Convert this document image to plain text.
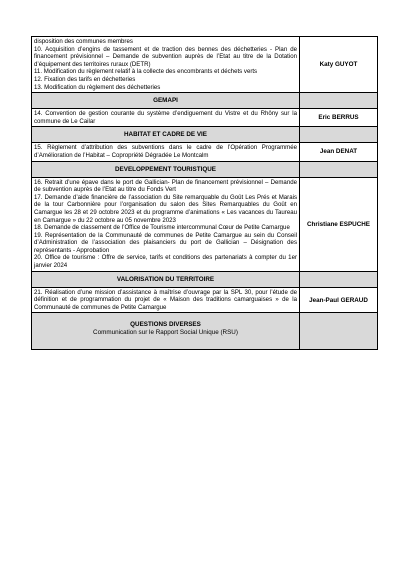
disposition des communes membres
10. Acquisition d’engins de tassement et de traction des bennes des déchetteries - Plan de financement prévisionnel – Demande de subvention auprès de l’Etat au titre de la Dotation d’équipement des territoires ruraux (DETR)
11. Modification du règlement relatif à la collecte des encombrants et déchets verts
12. Fixation des tarifs en déchetteries
13. Modification du règlement des déchetteries	Katy GUYOT
GEMAPI	

14. Convention de gestion courante du système d’endiguement du Vistre et du Rhôny sur la commune de Le Cailar	Eric BERRUS
HABITAT ET CADRE DE VIE	

15. Règlement d’attribution des subventions dans le cadre de l’Opération Programmée d’Amélioration de l’Habitat – Copropriété Dégradée Le Montcalm	Jean DENAT
DEVELOPPEMENT TOURISTIQUE	

16. Retrait d’une épave dans le port de Gallician- Plan de financement prévisionnel – Demande de subvention auprès de l’Etat au titre du Fonds Vert
17. Demande d’aide financière de l’association du Site remarquable du Goût Les Prés et Marais de la tour Carbonnière pour l’organisation du salon des Sites Remarquables du Goût en Camargue les 28 et 29 octobre 2023 et du programme d’animations « Les vacances du Taureau en Camargue » du 22 octobre au 05 novembre 2023
18. Demande de classement de l’Office de Tourisme intercommunal Cœur de Petite Camargue
19. Représentation de la Communauté de communes de Petite Camargue au sein du Conseil d’Administration de l’association des plaisanciers du port de Gallician – Désignation des représentants - Approbation
20. Office de tourisme : Offre de service, tarifs et conditions des partenariats à compter du 1er janvier 2024	Christiane ESPUCHE
VALORISATION DU TERRITOIRE	

21. Réalisation d’une mission d’assistance à maîtrise d’ouvrage par la SPL 30, pour l’étude de définition et de programmation du projet de « Maison des traditions camarguaises » de la Communauté de communes de Petite Camargue	Jean-Paul GERAUD

QUESTIONS DIVERSES
Communication sur le Rapport Social Unique (RSU)	
